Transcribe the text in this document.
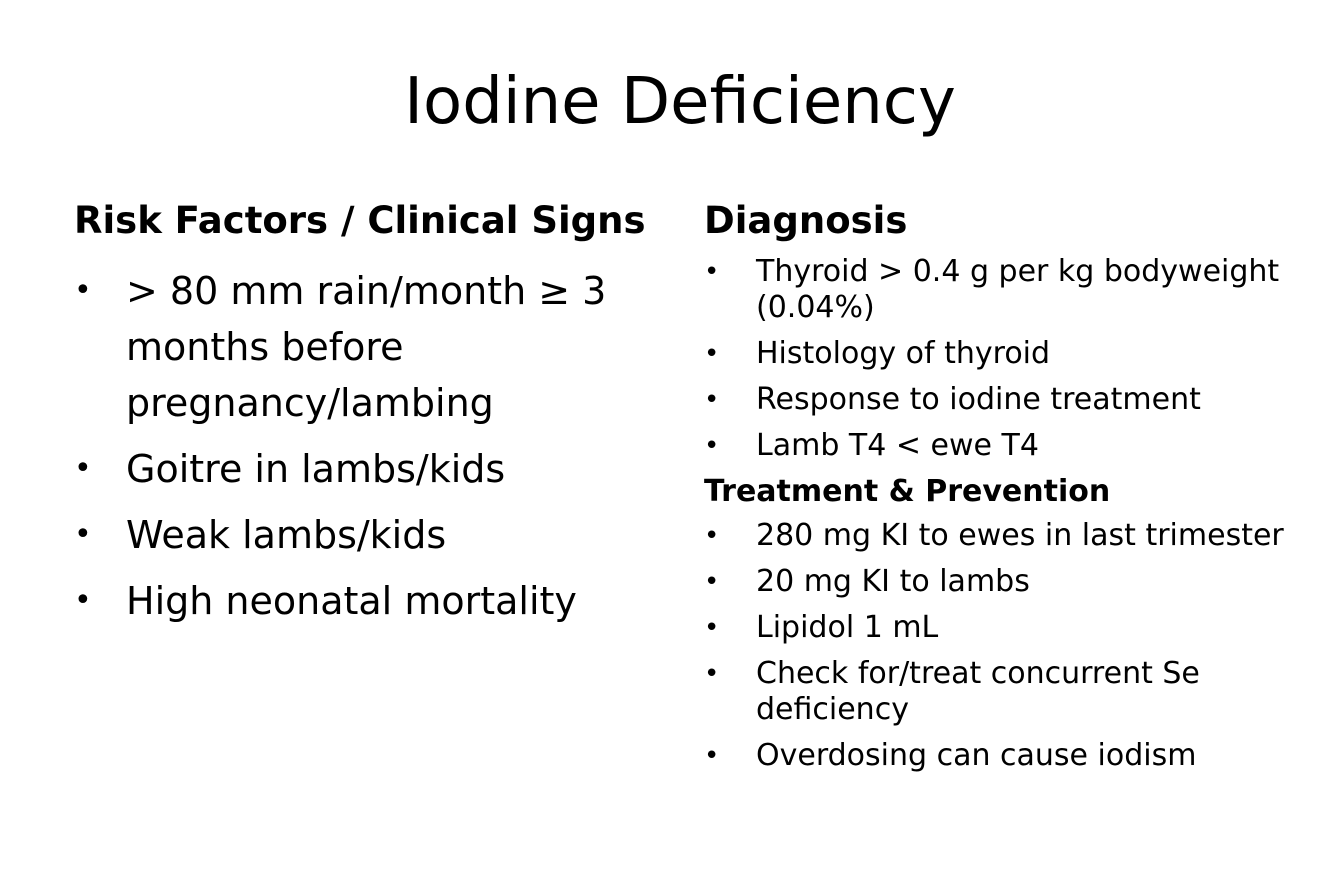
Iodine Deficiency
Risk Factors / Clinical Signs
• > 80 mm rain/month ≥ 3 months before pregnancy/lambing
• Goitre in lambs/kids
• Weak lambs/kids
• High neonatal mortality
Diagnosis
• Thyroid > 0.4 g per kg bodyweight (0.04%)
• Histology of thyroid
• Response to iodine treatment
• Lamb T4 < ewe T4
Treatment & Prevention
• 280 mg KI to ewes in last trimester
• 20 mg KI to lambs
• Lipidol 1 mL
• Check for/treat concurrent Se deficiency
• Overdosing can cause iodism
